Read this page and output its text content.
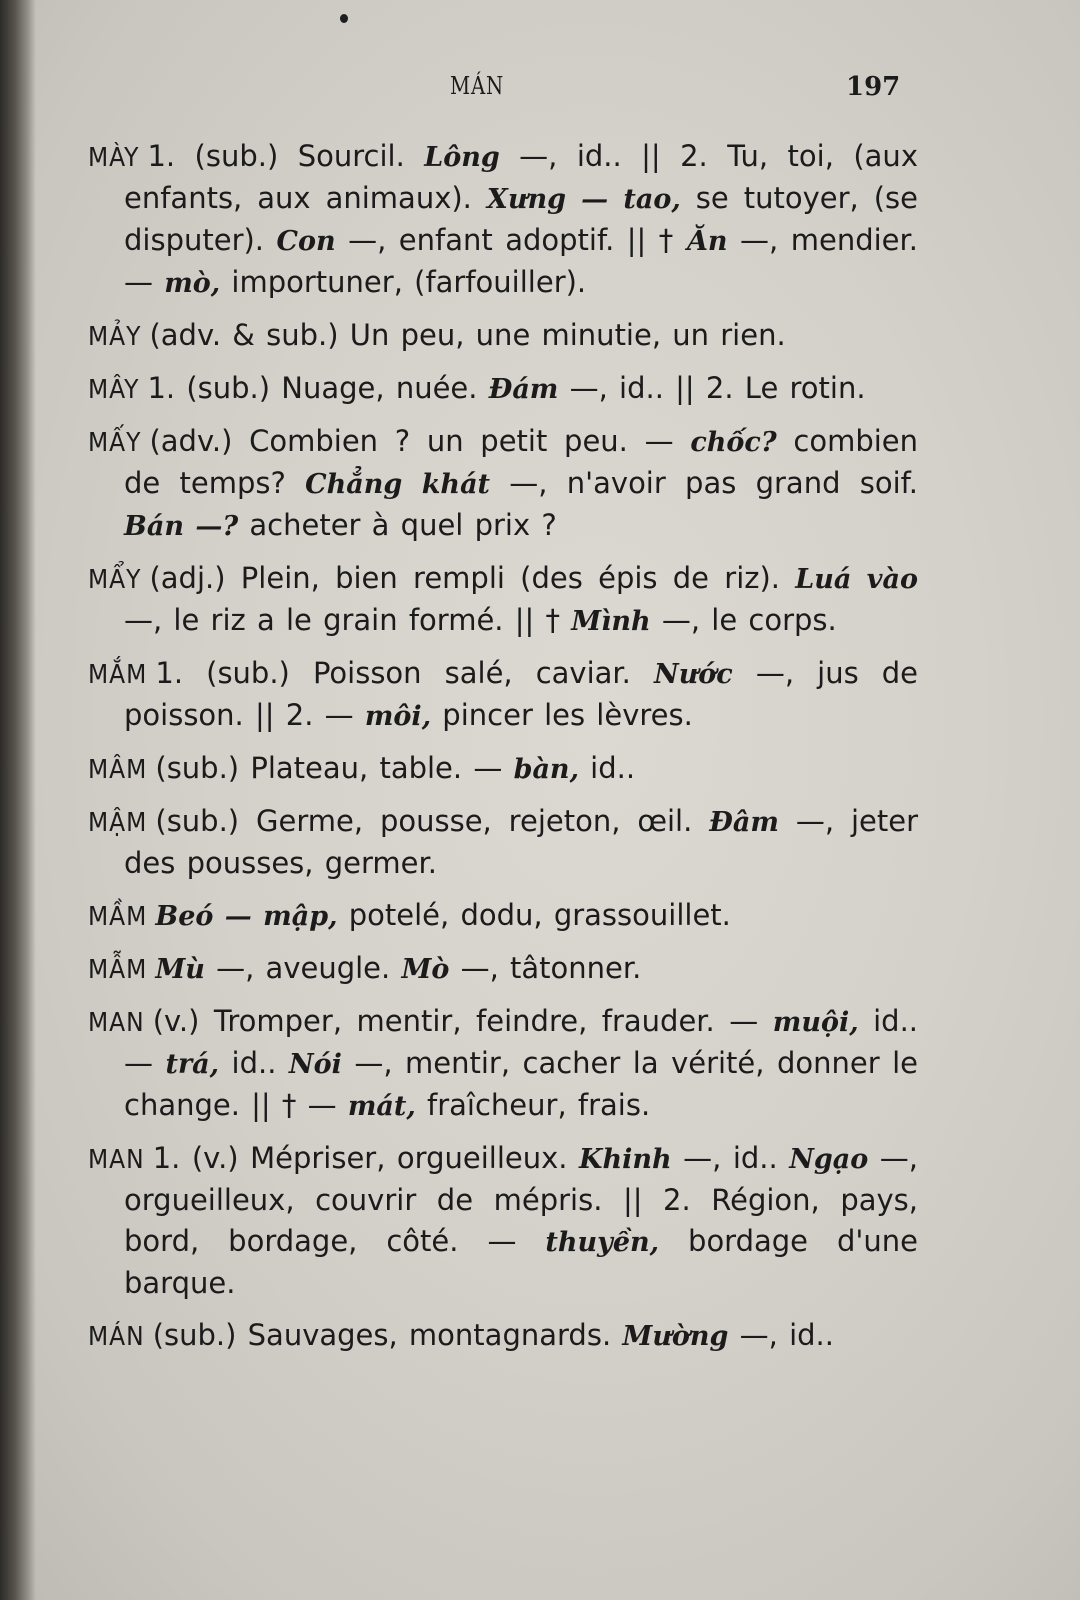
MÁN	197
MÀY 1. (sub.) Sourcil. Lông —, id.. || 2. Tu, toi, (aux enfants, aux animaux). Xưng — tao, se tutoyer, (se disputer). Con —, enfant adoptif. || † Ăn —, mendier. — mò, importuner, (farfouiller).
MẢY (adv. & sub.) Un peu, une minutie, un rien.
MÂY 1. (sub.) Nuage, nuée. Đám —, id.. || 2. Le rotin.
MẤY (adv.) Combien ? un petit peu. — chốc? combien de temps? Chẳng khát —, n'avoir pas grand soif. Bán —? acheter à quel prix ?
MẨY (adj.) Plein, bien rempli (des épis de riz). Luá vào —, le riz a le grain formé. || † Mình —, le corps.
MẮM 1. (sub.) Poisson salé, caviar. Nước —, jus de poisson. || 2. — môi, pincer les lèvres.
MÂM (sub.) Plateau, table. — bàn, id..
MẬM (sub.) Germe, pousse, rejeton, œil. Đâm —, jeter des pousses, germer.
MẦM Beó — mập, potelé, dodu, grassouillet.
MẪM Mù —, aveugle. Mò —, tâtonner.
MAN (v.) Tromper, mentir, feindre, frauder. — muội, id.. — trá, id.. Nói —, mentir, cacher la vérité, donner le change. || † — mát, fraîcheur, frais.
MAN 1. (v.) Mépriser, orgueilleux. Khinh —, id.. Ngạo —, orgueilleux, couvrir de mépris. || 2. Région, pays, bord, bordage, côté. — thuyền, bordage d'une barque.
MÁN (sub.) Sauvages, montagnards. Mường —, id..
